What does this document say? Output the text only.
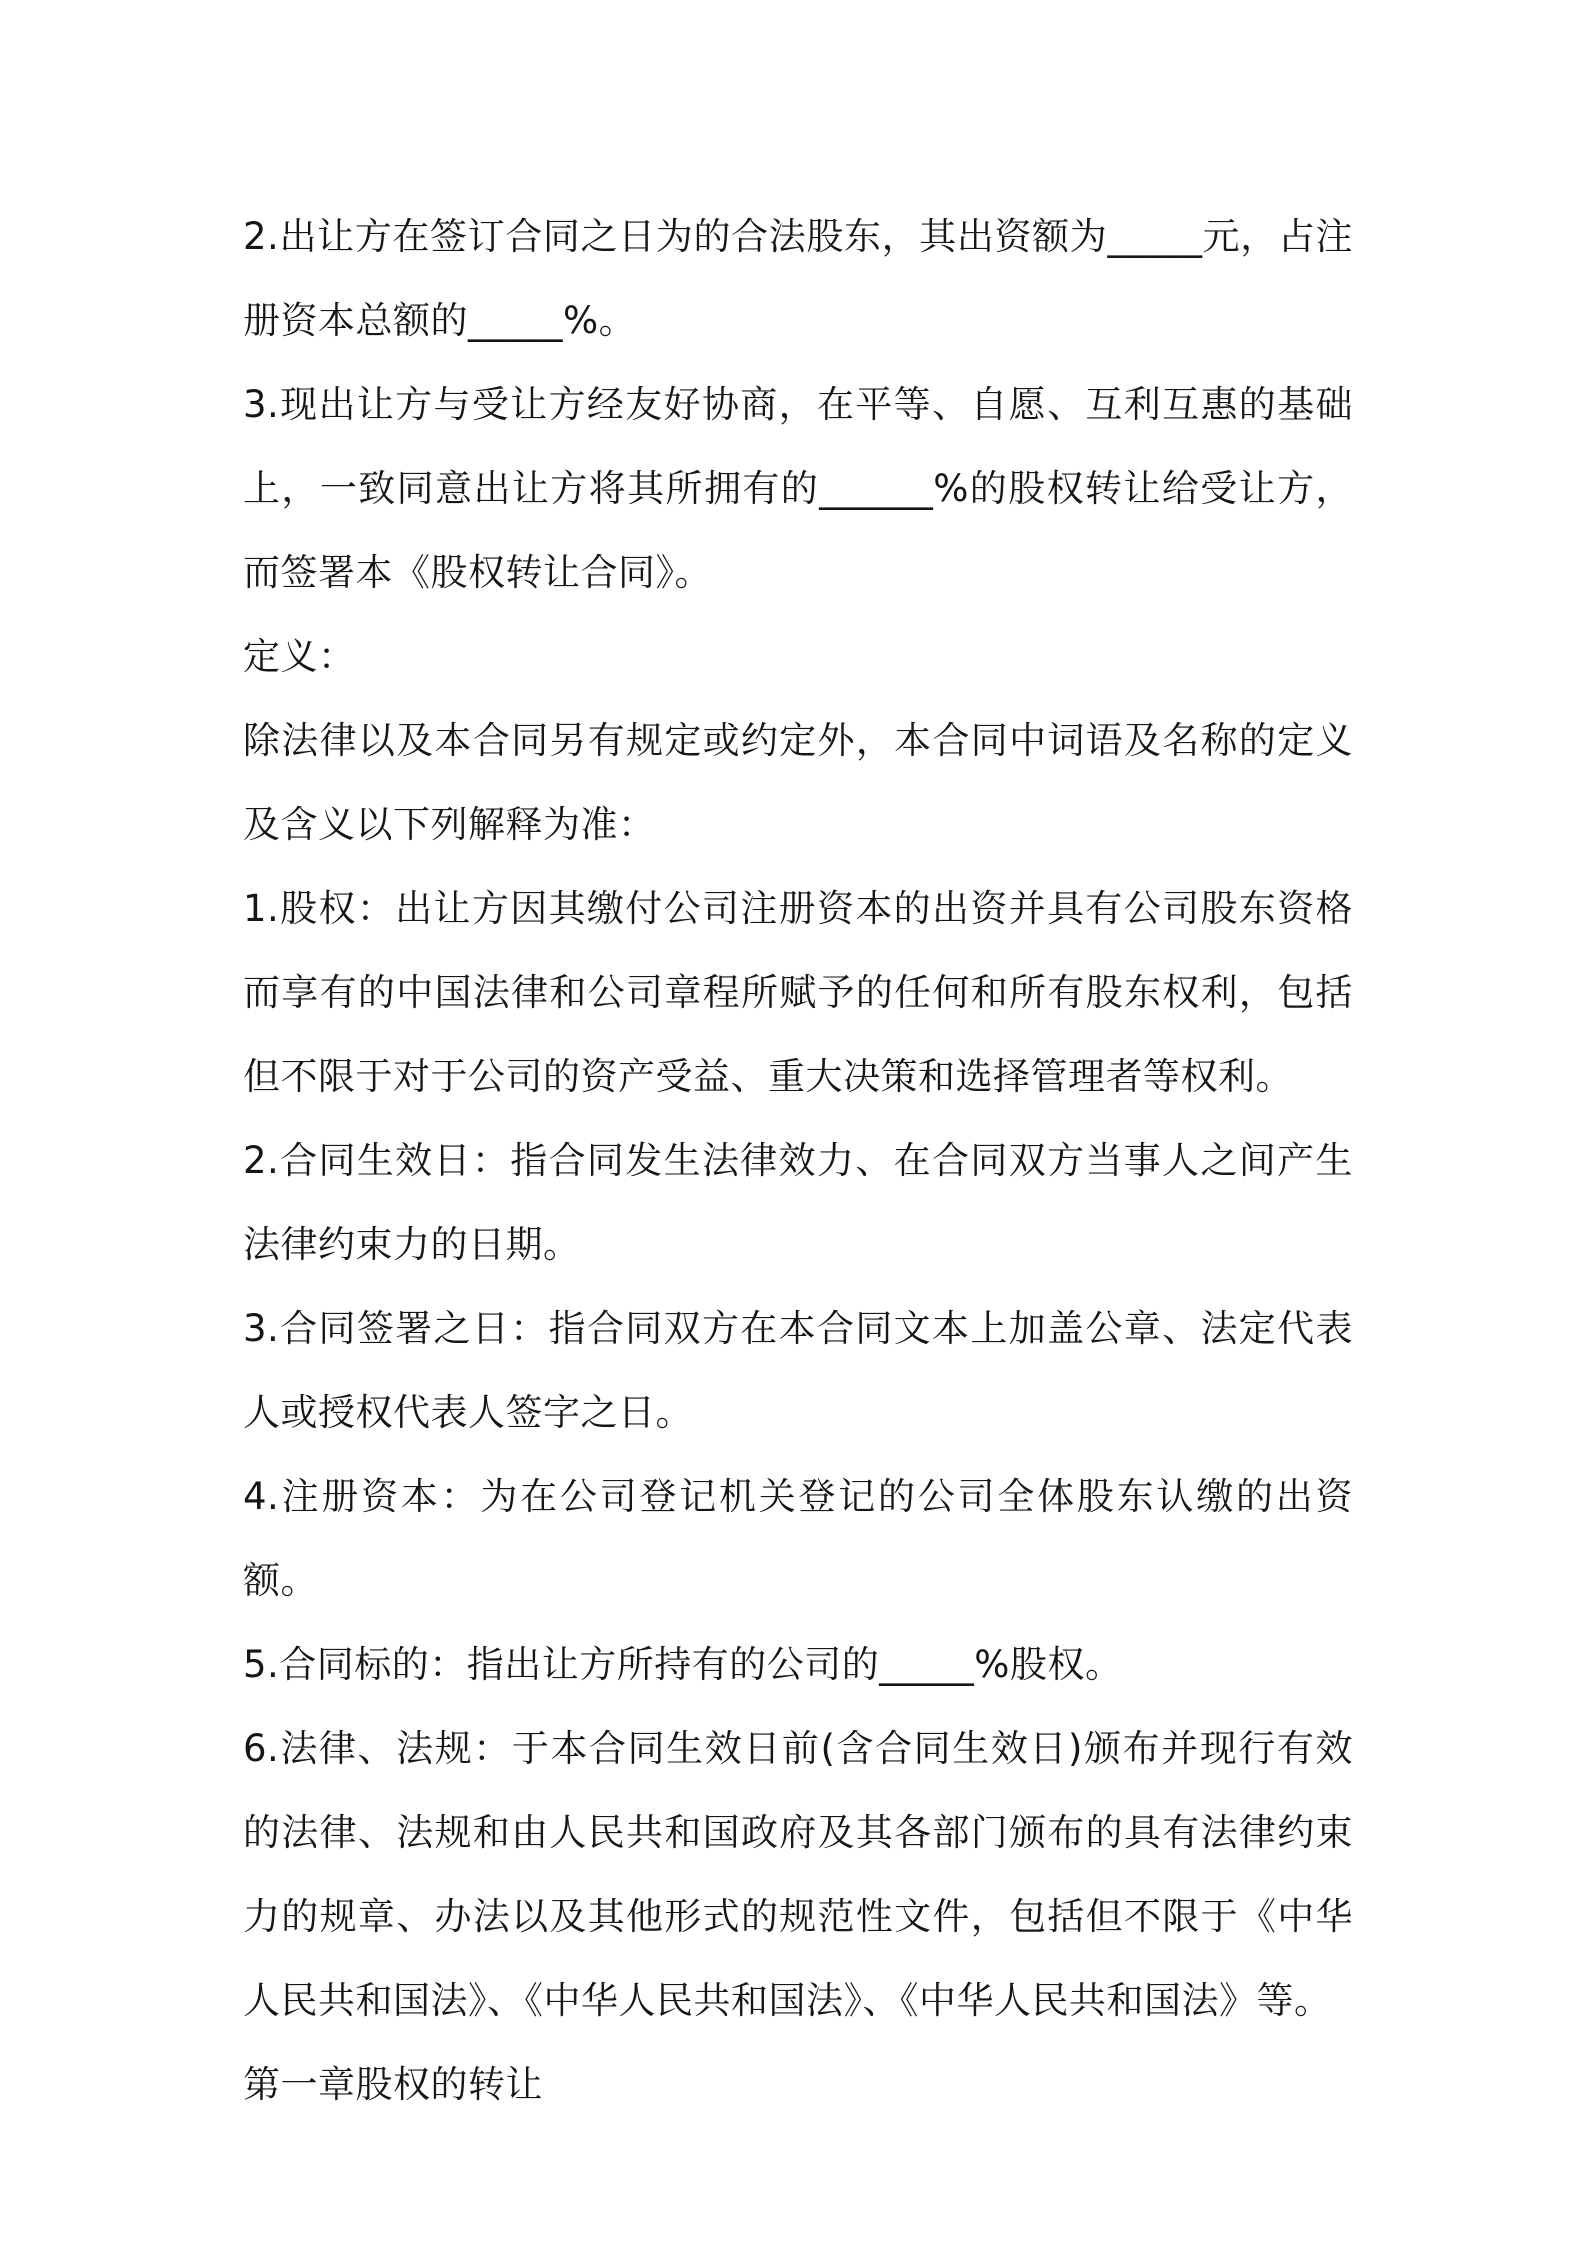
2.出让方在签订合同之日为的合法股东，其出资额为_____元，占注册资本总额的_____%。

3.现出让方与受让方经友好协商，在平等、自愿、互利互惠的基础上，一致同意出让方将其所拥有的______%的股权转让给受让方，而签署本《股权转让合同》。

定义：

除法律以及本合同另有规定或约定外，本合同中词语及名称的定义及含义以下列解释为准：

1.股权：出让方因其缴付公司注册资本的出资并具有公司股东资格而享有的中国法律和公司章程所赋予的任何和所有股东权利，包括但不限于对于公司的资产受益、重大决策和选择管理者等权利。

2.合同生效日：指合同发生法律效力、在合同双方当事人之间产生法律约束力的日期。

3.合同签署之日：指合同双方在本合同文本上加盖公章、法定代表人或授权代表人签字之日。

4.注册资本：为在公司登记机关登记的公司全体股东认缴的出资额。

5.合同标的：指出让方所持有的公司的_____%股权。

6.法律、法规：于本合同生效日前(含合同生效日)颁布并现行有效的法律、法规和由人民共和国政府及其各部门颁布的具有法律约束力的规章、办法以及其他形式的规范性文件，包括但不限于《中华人民共和国法》、《中华人民共和国法》、《中华人民共和国法》等。

第一章股权的转让
